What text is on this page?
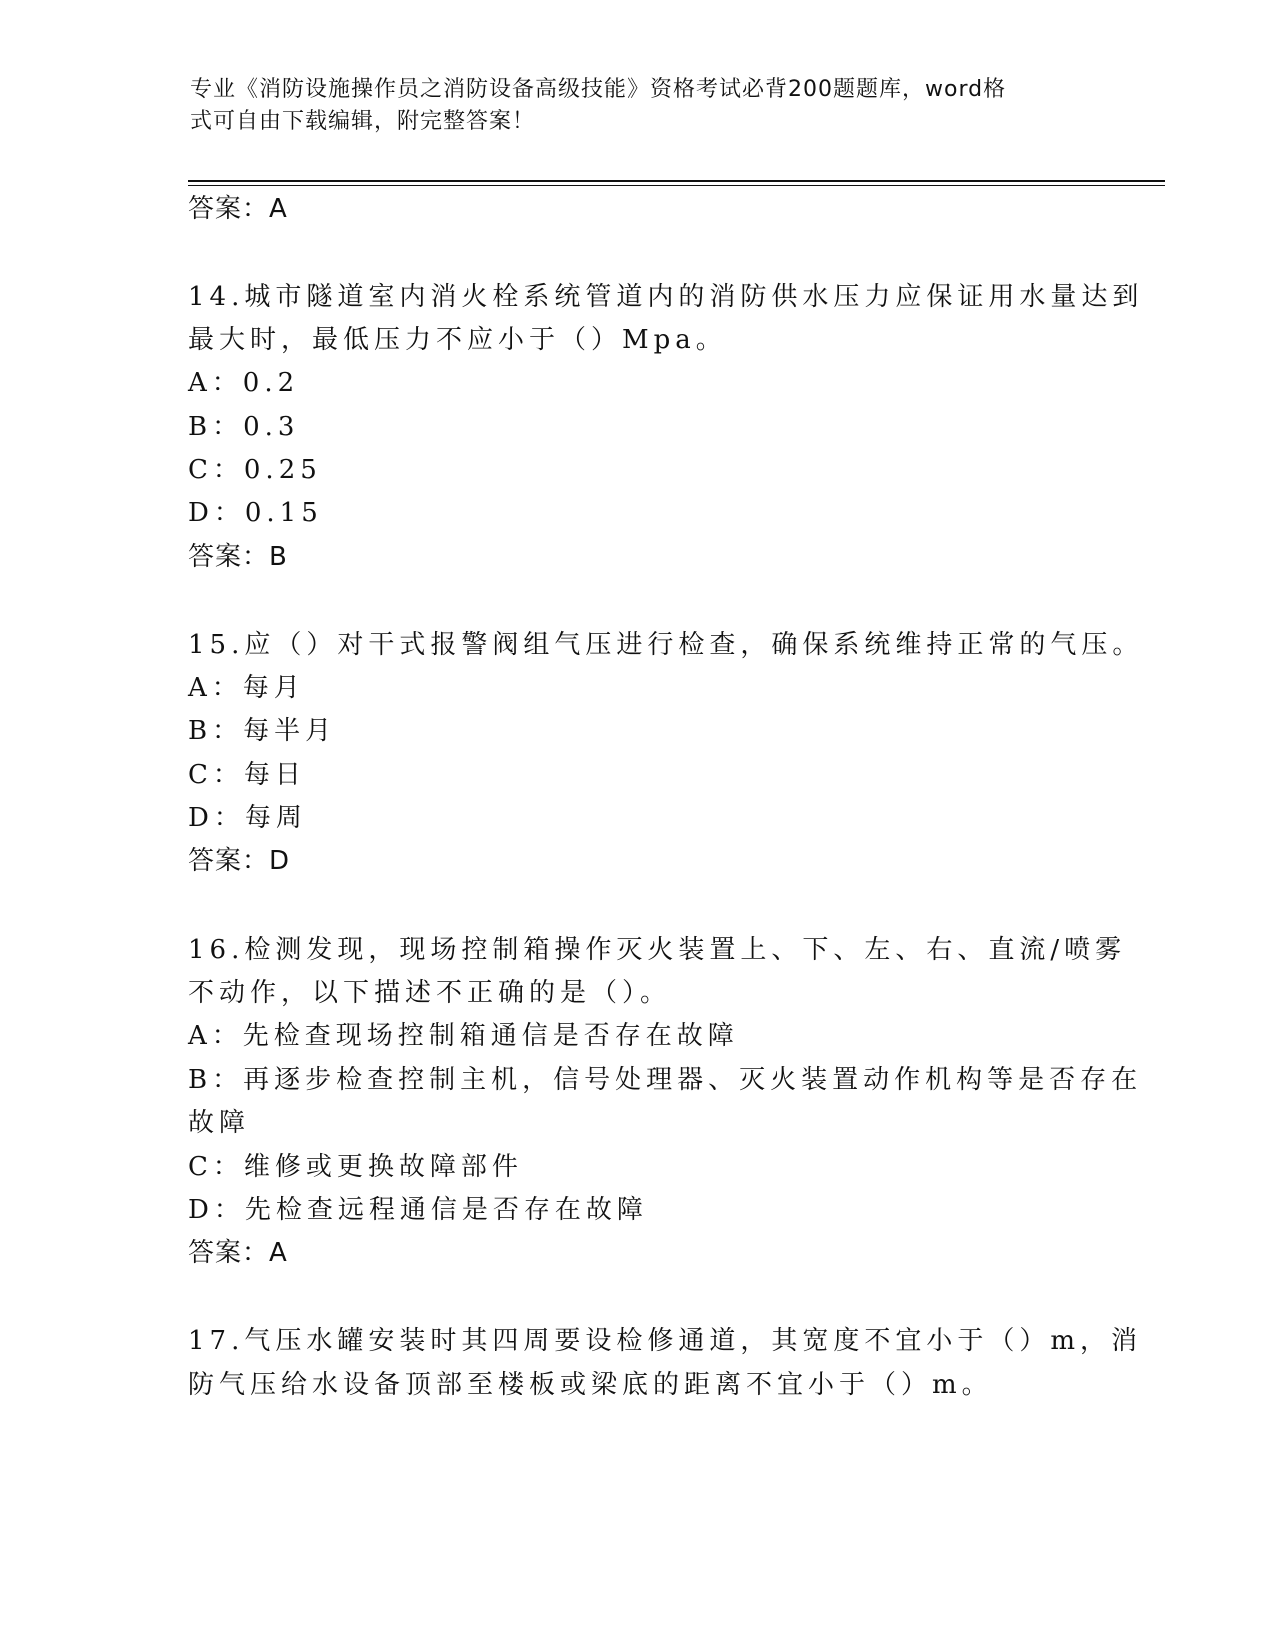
专业《消防设施操作员之消防设备高级技能》资格考试必背200题题库，word格
式可自由下载编辑，附完整答案！
答案：A
14.城市隧道室内消火栓系统管道内的消防供水压力应保证用水量达到
最大时，最低压力不应小于（）Mpa。
A：0.2
B：0.3
C：0.25
D：0.15
答案：B
15.应（）对干式报警阀组气压进行检查，确保系统维持正常的气压。
A：每月
B：每半月
C：每日
D：每周
答案：D
16.检测发现，现场控制箱操作灭火装置上、下、左、右、直流/喷雾
不动作，以下描述不正确的是（）。
A：先检查现场控制箱通信是否存在故障
B：再逐步检查控制主机，信号处理器、灭火装置动作机构等是否存在
故障
C：维修或更换故障部件
D：先检查远程通信是否存在故障
答案：A
17.气压水罐安装时其四周要设检修通道，其宽度不宜小于（）m，消
防气压给水设备顶部至楼板或梁底的距离不宜小于（）m。
